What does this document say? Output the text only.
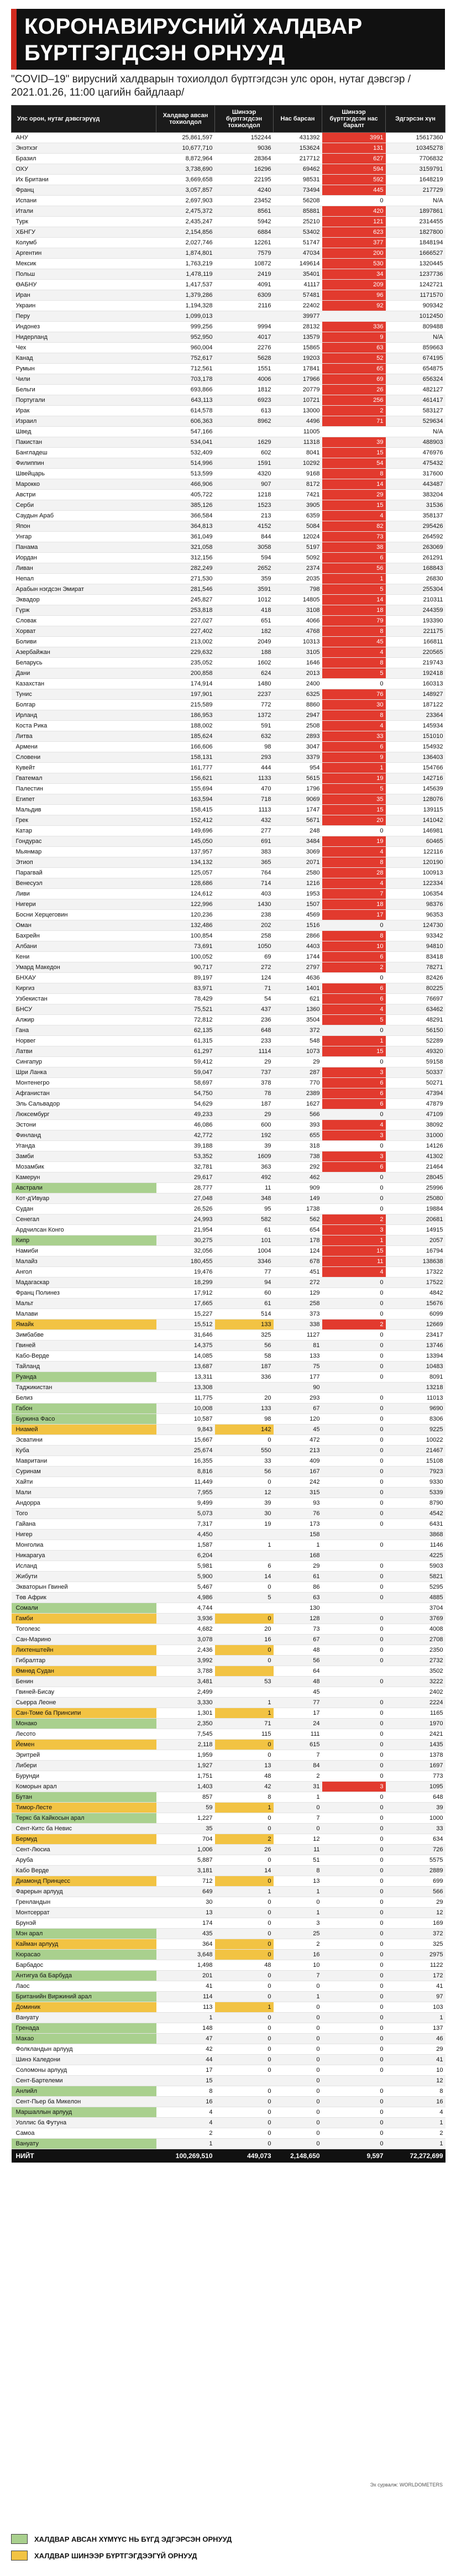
КОРОНАВИРУСНИЙ ХАЛДВАР БҮРТГЭГДСЭН ОРНУУД
"COVID–19" вирусний халдварын тохиолдол бүртгэгдсэн улс орон, нутаг дэвсгэр / 2021.01.26, 11:00 цагийн байдлаар/
Улс орон, нутаг дэвсгэрүүд	Халдвар авсан тохиолдол	Шинээр бүртгэгдсэн тохиолдол	Нас барсан	Шинээр бүртгэгдсэн нас баралт	Эдгэрсэн хүн
АНУ	25,861,597	152244	431392	3991	15617360
Энэтхэг	10,677,710	9036	153624	131	10345278
Бразил	8,872,964	28364	217712	627	7706832
ОХУ	3,738,690	16296	69462	594	3159791
Их Британи	3,669,658	22195	98531	592	1648219
Франц	3,057,857	4240	73494	445	217729
Испани	2,697,903	23452	56208	0	N/A
Итали	2,475,372	8561	85881	420	1897861
Турк	2,435,247	5942	25210	121	2314455
ХБНГУ	2,154,856	6884	53402	623	1827800
Колумб	2,027,746	12261	51747	377	1848194
Аргентин	1,874,801	7579	47034	200	1666527
Мексик	1,763,219	10872	149614	530	1320445
Польш	1,478,119	2419	35401	34	1237736
ӨАБНУ	1,417,537	4091	41117	209	1242721
Иран	1,379,286	6309	57481	96	1171570
Украин	1,194,328	2116	22402	92	909342
Перу	1,099,013		39977		1012450
Индонез	999,256	9994	28132	336	809488
Нидерланд	952,950	4017	13579	9	N/A
Чех	960,004	2276	15865	63	859663
Канад	752,617	5628	19203	52	674195
Румын	712,561	1551	17841	65	654875
Чили	703,178	4006	17966	69	656324
Бельги	693,866	1812	20779	26	482127
Португали	643,113	6923	10721	256	461417
Ирак	614,578	613	13000	2	583127
Израил	606,363	8962	4496	71	529634
Швед	547,166		11005		N/A
Пакистан	534,041	1629	11318	39	488903
Бангладеш	532,409	602	8041	15	476976
Филиппин	514,996	1591	10292	54	475432
Швейцарь	513,599	4320	9168	8	317600
Марокко	466,906	907	8172	14	443487
Австри	405,722	1218	7421	29	383204
Серби	385,126	1523	3905	15	31536
Саудын Араб	366,584	213	6359	4	358137
Япон	364,813	4152	5084	82	295426
Унгар	361,049	844	12024	73	264592
Панама	321,058	3058	5197	38	263069
Иордан	312,156	594	5092	6	261291
Ливан	282,249	2652	2374	56	168843
Непал	271,530	359	2035	1	26830
Арабын нэгдсэн Эмират	281,546	3591	798	5	255304
Эквадор	245,827	1012	14805	14	210311
Гүрж	253,818	418	3108	18	244359
Словак	227,027	651	4066	79	193390
Хорват	227,402	182	4768	8	221175
Боливи	213,002	2049	10313	45	166811
Азербайжан	229,632	188	3105	4	220565
Беларусь	235,052	1602	1646	8	219743
Дани	200,858	624	2013	5	192418
Казахстан	174,914	1480	2400	0	160313
Тунис	197,901	2237	6325	76	148927
Болгар	215,589	772	8860	30	187122
Ирланд	186,953	1372	2947	8	23364
Коста Рика	188,002	591	2508	4	145934
Литва	185,624	632	2893	33	151010
Армени	166,606	98	3047	6	154932
Словени	158,131	293	3379	9	136403
Кувейт	161,777	444	954	1	154766
Гватемал	156,621	1133	5615	19	142716
Палестин	155,694	470	1796	5	145639
Египет	163,594	718	9069	35	128076
Мальдив	158,415	1113	1747	15	139115
Грек	152,412	432	5671	20	141042
Катар	149,696	277	248	0	146981
Гондурас	145,050	691	3484	19	60465
Мьянмар	137,957	383	3069	4	122116
Этиоп	134,132	365	2071	8	120190
Парагвай	125,057	764	2580	28	100913
Венесуэл	128,686	714	1216	4	122334
Ливи	124,612	403	1953	7	106354
Нигери	122,996	1430	1507	18	98376
Босни Херцеговин	120,236	238	4569	17	96353
Оман	132,486	202	1516	0	124730
Бахрейн	100,854	258	2866	8	93342
Албани	73,691	1050	4403	10	94810
Кени	100,052	69	1744	6	83418
Умард Македон	90,717	272	2797	2	78271
БНХАУ	89,197	124	4636	0	82426
Киргиз	83,971	71	1401	6	80225
Узбекистан	78,429	54	621	6	76697
БНСУ	75,521	437	1360	4	63462
Алжир	72,812	236	3504	5	48291
Гана	62,135	648	372	0	56150
Норвег	61,315	233	548	1	52289
Латви	61,297	1114	1073	15	49320
Сингапур	59,412	29	29	0	59158
Шри Ланка	59,047	737	287	3	50337
Монтенегро	58,697	378	770	6	50271
Афганистан	54,750	78	2389	6	47394
Эль Сальвадор	54,629	187	1627	6	47879
Люксембург	49,233	29	566	0	47109
Эстони	46,086	600	393	4	38092
Финланд	42,772	192	655	3	31000
Уганда	39,188	39	318	0	14126
Замби	53,352	1609	738	3	41302
Мозамбик	32,781	363	292	6	21464
Камерун	29,617	492	462	0	28045
Австрали	28,777	11	909	0	25996
Кот-д'Ивуар	27,048	348	149	0	25080
Судан	26,526	95	1738	0	19884
Сенегал	24,993	582	562	2	20681
Ардчилсан Конго	21,954	61	654	3	14915
Кипр	30,275	101	178	1	2057
Намиби	32,056	1004	124	15	16794
Малайз	180,455	3346	678	11	138638
Ангол	19,476	77	451	4	17322
Мадагаскар	18,299	94	272	0	17522
Франц Полинез	17,912	60	129	0	4842
Мальт	17,665	61	258	0	15676
Малави	15,227	514	373	0	6099
Ямайк	15,512	133	338	2	12669
Зимбабве	31,646	325	1127	0	23417
Гвиней	14,375	56	81	0	13746
Кабо-Верде	14,085	58	133	0	13394
Тайланд	13,687	187	75	0	10483
Руанда	13,311	336	177	0	8091
Таджикистан	13,308		90		13218
Белиз	11,775	20	293	0	11013
Габон	10,008	133	67	0	9690
Буркина Фасо	10,587	98	120	0	8306
Ниамей	9,843	142	45	0	9225
Эсватини	15,667	0	472	0	10022
Куба	25,674	550	213	0	21467
Мавритани	16,355	33	409	0	15108
Суринам	8,816	56	167	0	7923
Хайти	11,449	0	242	0	9330
Мали	7,955	12	315	0	5339
Андорра	9,499	39	93	0	8790
Того	5,073	30	76	0	4542
Гайана	7,317	19	173	0	6431
Нигер	4,450		158		3868
Монголиа	1,587	1	1	0	1146
Никарагуа	6,204		168		4225
Исланд	5,981	6	29	0	5903
Жибути	5,900	14	61	0	5821
Экваторын Гвиней	5,467	0	86	0	5295
Төв Африк	4,986	5	63	0	4885
Сомали	4,744		130		3704
Гамби	3,936	0	128	0	3769
Тоголезс	4,682	20	73	0	4008
Сан-Марино	3,078	16	67	0	2708
Лихтенштейн	2,436	0	48	0	2350
Гибралтар	3,992	0	56	0	2732
Өмнөд Судан	3,788		64		3502
Бенин	3,481	53	48	0	3222
Гвиней-Бисау	2,499		45		2402
Сьерра Леоне	3,330	1	77	0	2224
Сан-Томе ба Принсипи	1,301	1	17	0	1165
Монакo	2,350	71	24	0	1970
Лесото	7,545	115	111	0	2421
Йемен	2,118	0	615	0	1435
Эритрей	1,959	0	7	0	1378
Либери	1,927	13	84	0	1697
Бурунди	1,751	48	2	0	773
Коморын арал	1,403	42	31	3	1095
Бутан	857	8	1	0	648
Тимор-Лесте	59	1	0	0	39
Теркс ба Кайкосын арал	1,227	0	7	0	1000
Сент-Китс ба Невис	35	0	0	0	33
Бермуд	704	2	12	0	634
Сент-Люсиа	1,006	26	11	0	726
Аруба	5,887	0	51	0	5575
Кабо Верде	3,181	14	8	0	2889
Диамонд Принцесс	712	0	13	0	699
Фарерын арлууд	649	1	1	0	566
Гренландын	30	0	0	0	29
Монтсеррат	13	0	1	0	12
Брунэй	174	0	3	0	169
Мэн арал	435	0	25	0	372
Кайман арлууд	364	0	2	0	325
Кюрасао	3,648	0	16	0	2975
Барбадос	1,498	48	10	0	1122
Антигуа ба Барбуда	201	0	7	0	172
Лаос	41	0	0	0	41
Британийн Виржиний арал	114	0	1	0	97
Доминик	113	1	0	0	103
Вануату	1	0	0	0	1
Гренада	148	0	0	0	137
Макао	47	0	0	0	46
Фолкландын арлууд	42	0	0	0	29
Шинэ Каледони	44	0	0	0	41
Соломоны арлууд	17	0	0	0	10
Сент-Бартелеми	15		0		12
Анлийл	8	0	0	0	8
Сент-Пьер ба Микелон	16	0	0	0	16
Маршаллын арлууд	4	0	0	0	4
Уоллис ба Футуна	4	0	0	0	1
Самоа	2	0	0	0	2
Вануату	1	0	0	0	1
НИЙТ	100,269,510	449,073	2,148,650	9,597	72,272,699
Эх сурвалж: WORLDOMETERS
ХАЛДВАР АВСАН ХҮМҮҮС НЬ БҮГД ЭДГЭРСЭН ОРНУУД
ХАЛДВАР ШИНЭЭР БҮРТГЭГДЭЭГҮЙ ОРНУУД
